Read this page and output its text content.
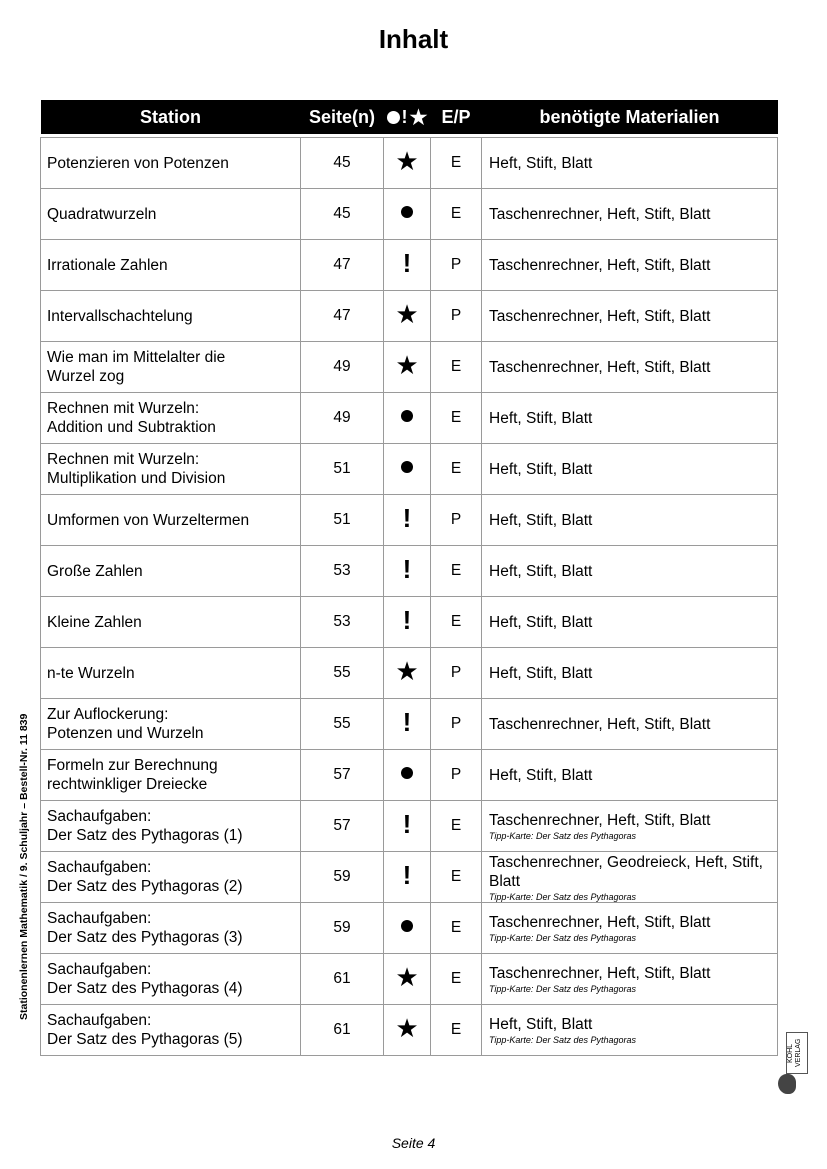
Inhalt
Station	Seite(n)	! ★	E/P	benötigte Materialien

Potenzieren von Potenzen	45	★	E	Heft, Stift, Blatt

Quadratwurzeln	45		E	Taschenrechner, Heft, Stift, Blatt

Irrationale Zahlen	47	!	P	Taschenrechner, Heft, Stift, Blatt

Intervallschachtelung	47	★	P	Taschenrechner, Heft, Stift, Blatt

Wie man im Mittelalter die
Wurzel zog	49	★	E	Taschenrechner, Heft, Stift, Blatt

Rechnen mit Wurzeln:
Addition und Subtraktion	49		E	Heft, Stift, Blatt

Rechnen mit Wurzeln:
Multiplikation und Division	51		E	Heft, Stift, Blatt

Umformen von Wurzeltermen	51	!	P	Heft, Stift, Blatt

Große Zahlen	53	!	E	Heft, Stift, Blatt

Kleine Zahlen	53	!	E	Heft, Stift, Blatt

n-te Wurzeln	55	★	P	Heft, Stift, Blatt

Zur Auflockerung:
Potenzen und Wurzeln	55	!	P	Taschenrechner, Heft, Stift, Blatt

Formeln zur Berechnung
rechtwinkliger Dreiecke	57		P	Heft, Stift, Blatt

Sachaufgaben:
Der Satz des Pythagoras (1)	57	!	E	Taschenrechner, Heft, Stift, Blatt
Tipp-Karte: Der Satz des Pythagoras

Sachaufgaben:
Der Satz des Pythagoras (2)	59	!	E	Taschenrechner, Geodreieck, Heft, Stift, Blatt
Tipp-Karte: Der Satz des Pythagoras

Sachaufgaben:
Der Satz des Pythagoras (3)	59		E	Taschenrechner, Heft, Stift, Blatt
Tipp-Karte: Der Satz des Pythagoras

Sachaufgaben:
Der Satz des Pythagoras (4)	61	★	E	Taschenrechner, Heft, Stift, Blatt
Tipp-Karte: Der Satz des Pythagoras

Sachaufgaben:
Der Satz des Pythagoras (5)	61	★	E	Heft, Stift, Blatt
Tipp-Karte: Der Satz des Pythagoras
Stationenlernen Mathematik / 9. Schuljahr – Bestell-Nr. 11 839
KOHL VERLAG
Seite 4
